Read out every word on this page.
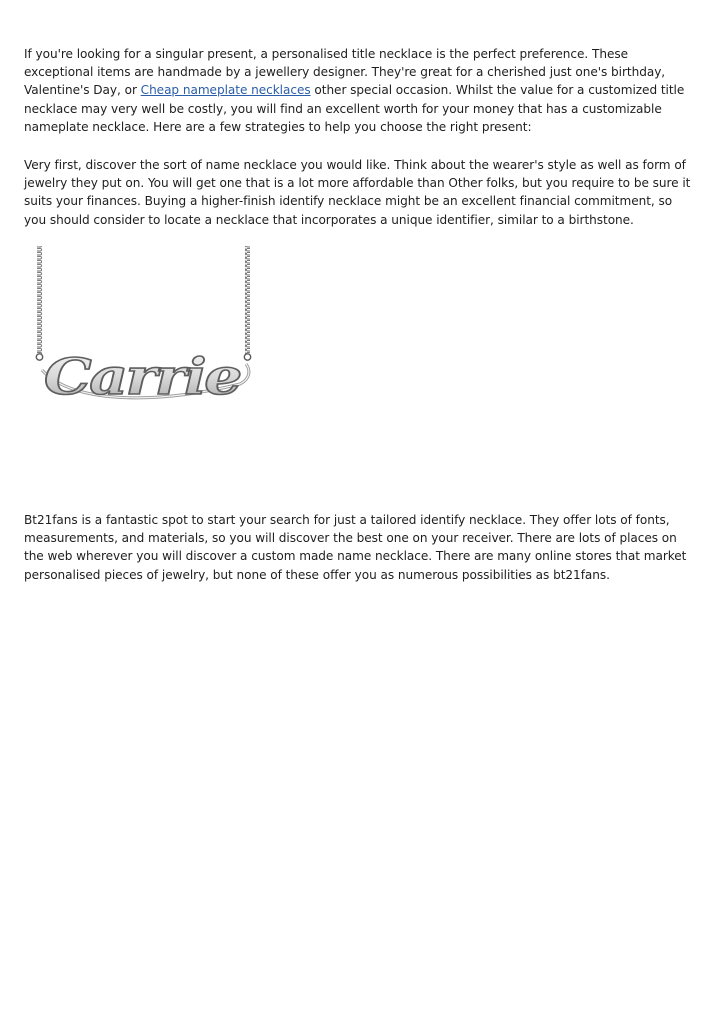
If you're looking for a singular present, a personalised title necklace is the perfect preference. These exceptional items are handmade by a jewellery designer. They're great for a cherished just one's birthday, Valentine's Day, or Cheap nameplate necklaces other special occasion. Whilst the value for a customized title necklace may very well be costly, you will find an excellent worth for your money that has a customizable nameplate necklace. Here are a few strategies to help you choose the right present:

Very first, discover the sort of name necklace you would like. Think about the wearer's style as well as form of jewelry they put on. You will get one that is a lot more affordable than Other folks, but you require to be sure it suits your finances. Buying a higher-finish identify necklace might be an excellent financial commitment, so you should consider to locate a necklace that incorporates a unique identifier, similar to a birthstone.

Carrie

Bt21fans is a fantastic spot to start your search for just a tailored identify necklace. They offer lots of fonts, measurements, and materials, so you will discover the best one on your receiver. There are lots of places on the web wherever you will discover a custom made name necklace. There are many online stores that market personalised pieces of jewelry, but none of these offer you as numerous possibilities as bt21fans.
